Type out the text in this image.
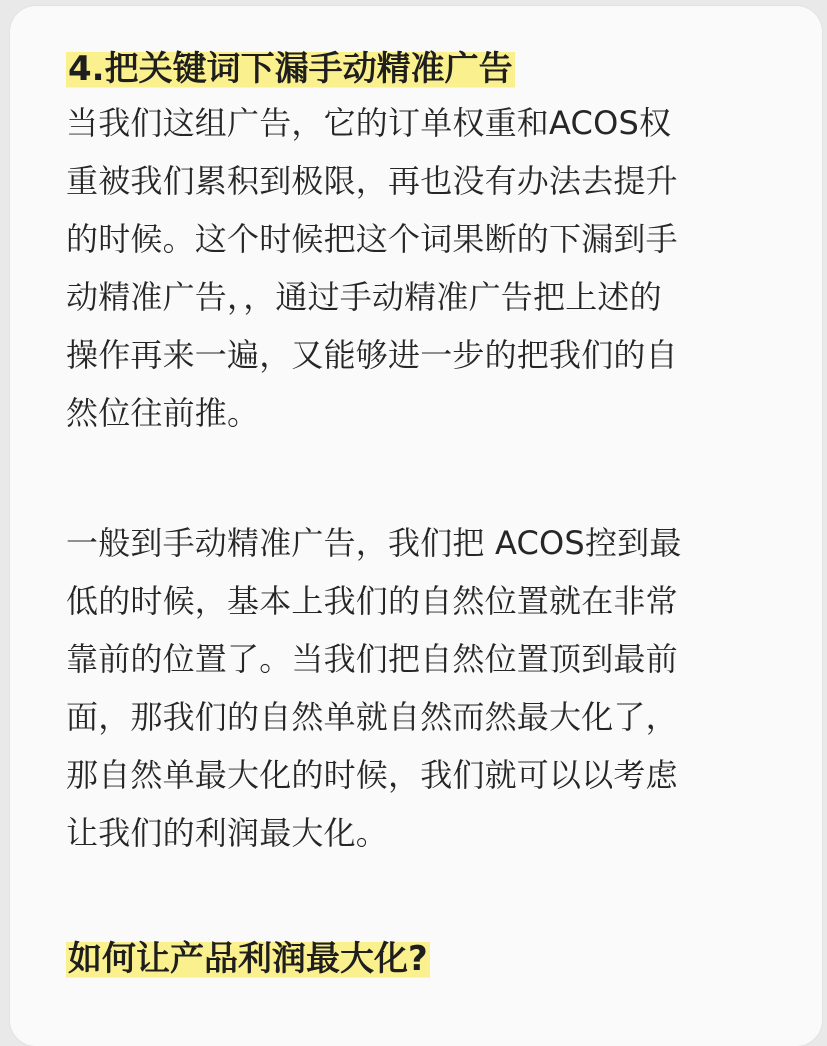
4.把关键词下漏手动精准广告

当我们这组广告，它的订单权重和ACOS权
重被我们累积到极限，再也没有办法去提升
的时候。这个时候把这个词果断的下漏到手
动精准广告，，通过手动精准广告把上述的
操作再来一遍，又能够进一步的把我们的自
然位往前推。

一般到手动精准广告，我们把 ACOS控到最
低的时候，基本上我们的自然位置就在非常
靠前的位置了。当我们把自然位置顶到最前
面，那我们的自然单就自然而然最大化了，
那自然单最大化的时候，我们就可以以考虑
让我们的利润最大化。

如何让产品利润最大化?
